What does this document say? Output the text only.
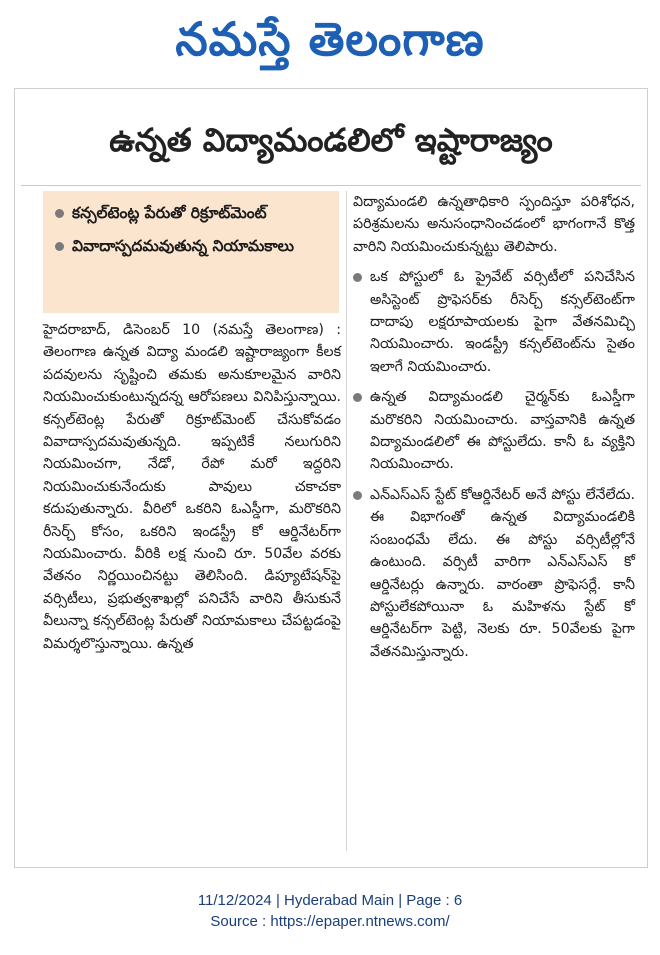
నమస్తే తెలంగాణ
ఉన్నత విద్యామండలిలో ఇష్టారాజ్యం
కన్సల్‌టెంట్ల పేరుతో రిక్రూట్‌మెంట్
వివాదాస్పదమవుతున్న నియామకాలు

హైదరాబాద్, డిసెంబర్ 10 (నమస్తే తెలంగాణ) : తెలంగాణ ఉన్నత విద్యా మండలి ఇష్టారాజ్యంగా కీలక పదవులను సృష్టించి తమకు అనుకూలమైన వారిని నియమించుకుంటున్నదన్న ఆరోపణలు వినిపిస్తున్నాయి. కన్సల్‌టెంట్ల పేరుతో రిక్రూట్‌మెంట్ చేసుకోవడం వివాదాస్పదమవుతున్నది. ఇప్పటికే నలుగురిని నియమించగా, నేడో, రేపో మరో ఇద్దరిని నియమించుకునేందుకు పావులు చకాచకా కదుపుతున్నారు. వీరిలో ఒకరిని ఓఎస్డీగా, మరొకరిని రీసెర్చ్ కోసం, ఒకరిని ఇండస్ట్రీ కో ఆర్డినేటర్‌గా నియమించారు. వీరికి లక్ష నుంచి రూ. 50వేల వరకు వేతనం నిర్ణయించినట్టు తెలిసింది. డిప్యూటేషన్‌పై వర్సిటీలు, ప్రభుత్వశాఖల్లో పనిచేసే వారిని తీసుకునే వీలున్నా కన్సల్‌టెంట్ల పేరుతో నియామకాలు చేపట్టడంపై విమర్శలొస్తున్నాయి. ఉన్నత

విద్యామండలి ఉన్నతాధికారి స్పందిస్తూ పరిశోధన, పరిశ్రమలను అనుసంధానించడంలో భాగంగానే కొత్త వారిని నియమించుకున్నట్టు తెలిపారు.

ఒక పోస్టులో ఓ ప్రైవేట్ వర్సిటీలో పనిచేసిన అసిస్టెంట్ ప్రొఫెసర్‌కు రీసెర్చ్ కన్సల్‌టెంట్‌గా దాదాపు లక్షరూపాయలకు పైగా వేతనమిచ్చి నియమించారు. ఇండస్ట్రీ కన్సల్‌టెంట్‌ను సైతం ఇలాగే నియమించారు.

ఉన్నత విద్యామండలి చైర్మన్‌కు ఓఎస్డీగా మరొకరిని నియమించారు. వాస్తవానికి ఉన్నత విద్యామండలిలో ఈ పోస్టులేదు. కానీ ఓ వ్యక్తిని నియమించారు.

ఎన్‌ఎస్‌ఎస్ స్టేట్ కోఆర్డినేటర్ అనే పోస్టు లేనేలేదు. ఈ విభాగంతో ఉన్నత విద్యామండలికి సంబంధమే లేదు. ఈ పోస్టు వర్సిటీల్లోనే ఉంటుంది. వర్సిటీ వారిగా ఎన్‌ఎస్‌ఎస్ కో ఆర్డినేటర్లు ఉన్నారు. వారంతా ప్రొఫెసర్లే. కానీ పోస్టులేకపోయినా ఓ మహిళను స్టేట్ కో ఆర్డినేటర్‌గా పెట్టి, నెలకు రూ. 50వేలకు పైగా వేతనమిస్తున్నారు.

11/12/2024 | Hyderabad Main | Page : 6
Source : https://epaper.ntnews.com/
